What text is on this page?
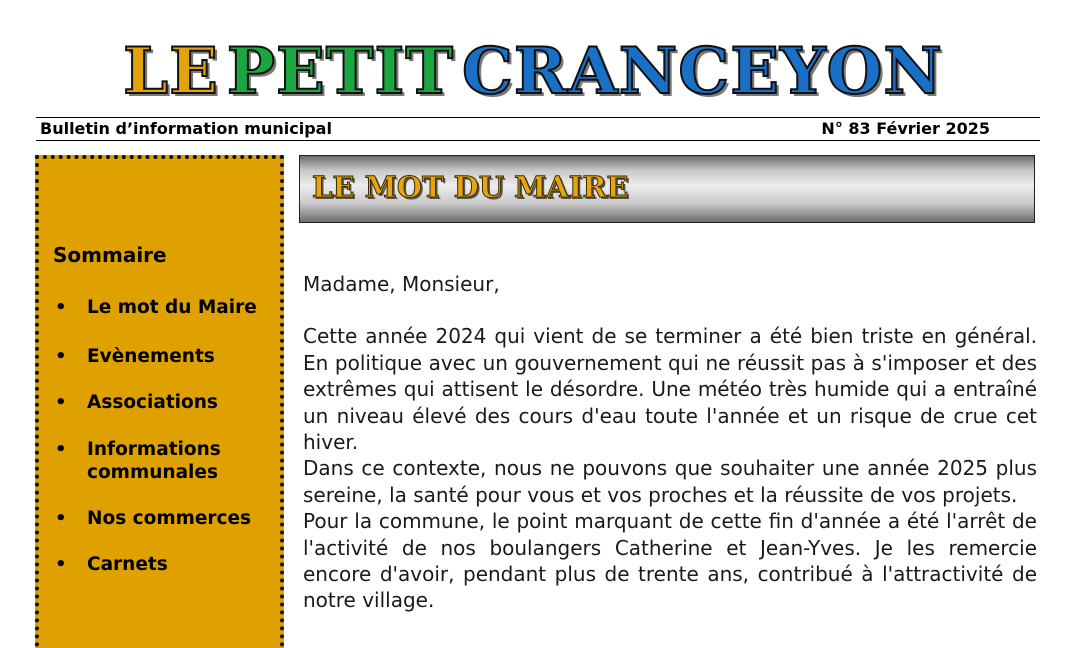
LE PETIT CRANCEYON
Bulletin d’information municipal	N° 83 Février 2025
Sommaire
• Le mot du Maire
• Evènements
• Associations
• Informations communales
• Nos commerces
• Carnets
LE MOT DU MAIRE

Madame, Monsieur,

Cette année 2024 qui vient de se terminer a été bien triste en général. En politique avec un gouvernement qui ne réussit pas à s'imposer et des extrêmes qui attisent le désordre. Une météo très humide qui a entraîné un niveau élevé des cours d'eau toute l'année et un risque de crue cet hiver.

Dans ce contexte, nous ne pouvons que souhaiter une année 2025 plus sereine, la santé pour vous et vos proches et la réussite de vos projets.

Pour la commune, le point marquant de cette fin d'année a été l'arrêt de l'activité de nos boulangers Catherine et Jean-Yves. Je les remercie encore d'avoir, pendant plus de trente ans, contribué à l'attractivité de notre village.
